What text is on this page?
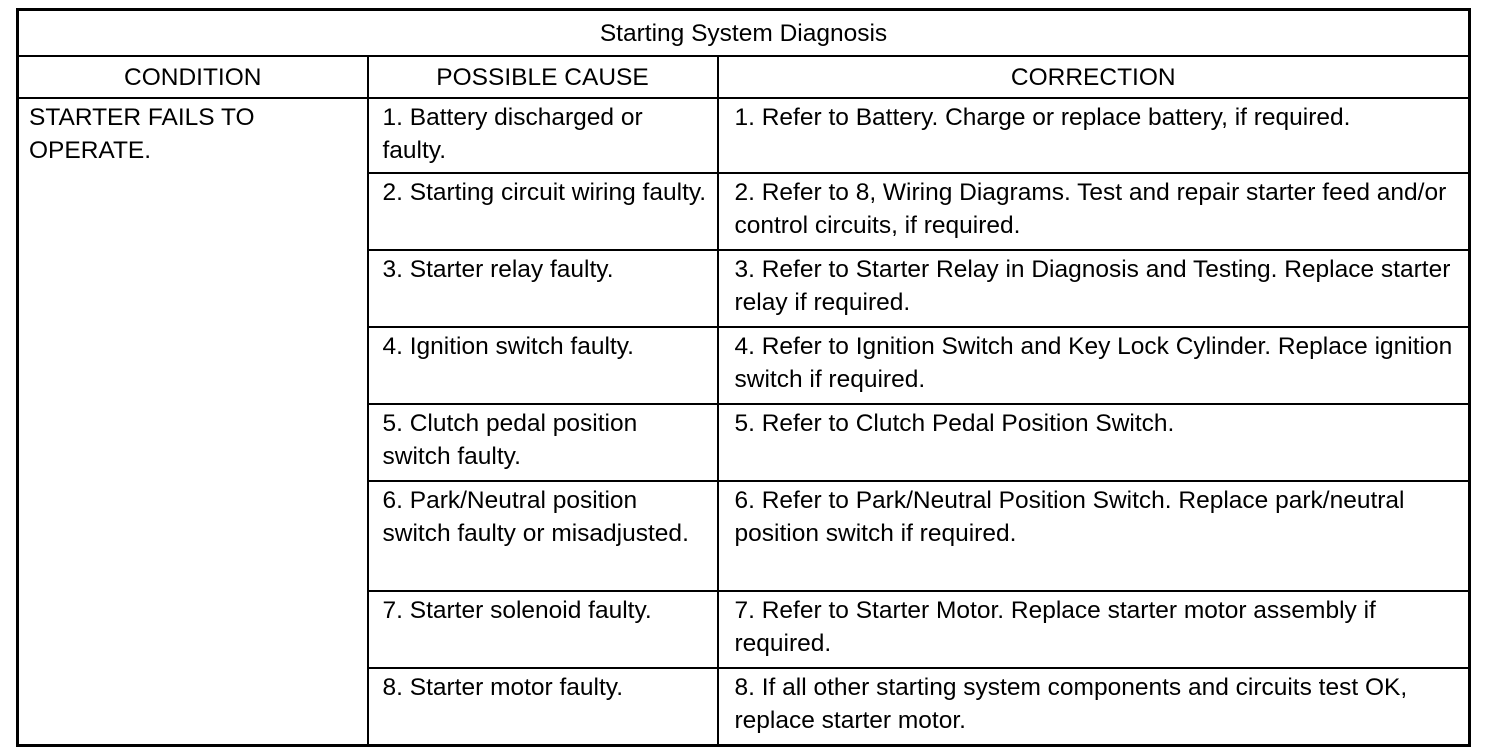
Starting System Diagnosis		
CONDITION	POSSIBLE CAUSE	CORRECTION
STARTER FAILS TO OPERATE.	1. Battery discharged or faulty.	1. Refer to Battery. Charge or replace battery, if required.
	2. Starting circuit wiring faulty.	2. Refer to 8, Wiring Diagrams. Test and repair starter feed and/or control circuits, if required.
	3. Starter relay faulty.	3. Refer to Starter Relay in Diagnosis and Testing. Replace starter relay if required.
	4. Ignition switch faulty.	4. Refer to Ignition Switch and Key Lock Cylinder. Replace ignition switch if required.
	5. Clutch pedal position switch faulty.	5. Refer to Clutch Pedal Position Switch.
	6. Park/Neutral position switch faulty or misadjusted.	6. Refer to Park/Neutral Position Switch. Replace park/neutral position switch if required.
	7. Starter solenoid faulty.	7. Refer to Starter Motor. Replace starter motor assembly if required.
	8. Starter motor faulty.	8. If all other starting system components and circuits test OK, replace starter motor.
